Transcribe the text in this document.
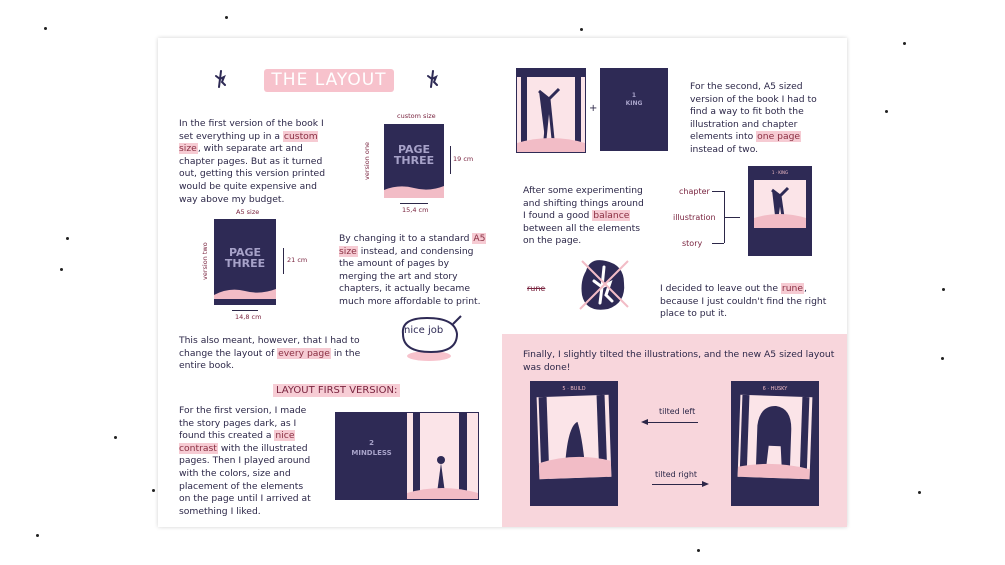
THE LAYOUT
In the first version of the book I set everything up in a custom size, with separate art and chapter pages. But as it turned out, getting this version printed would be quite expensive and way above my budget.
custom size
version one	PAGE
THREE	19 cm
15,4 cm
A5 size
version two	PAGE
THREE	21 cm
14,8 cm
By changing it to a standard A5 size instead, and condensing the amount of pages by merging the art and story chapters, it actually became much more affordable to print.
This also meant, however, that I had to change the layout of every page in the entire book.
nice job
LAYOUT FIRST VERSION:
For the first version, I made the story pages dark, as I found this created a nice contrast with the illustrated pages. Then I played around with the colors, size and placement of the elements on the page until I arrived at something I liked.
2
MINDLESS
+
1
KING
For the second, A5 sized version of the book I had to find a way to fit both the illustration and chapter elements into one page instead of two.
After some experimenting and shifting things around I found a good balance between all the elements on the page.
chapter
illustration
story
1 · KING
rune	I decided to leave out the rune, because I just couldn't find the right place to put it.
Finally, I slightly tilted the illustrations, and the new A5 sized layout was done!
5 · BUILD	6 · HUSKY
tilted left
tilted right
